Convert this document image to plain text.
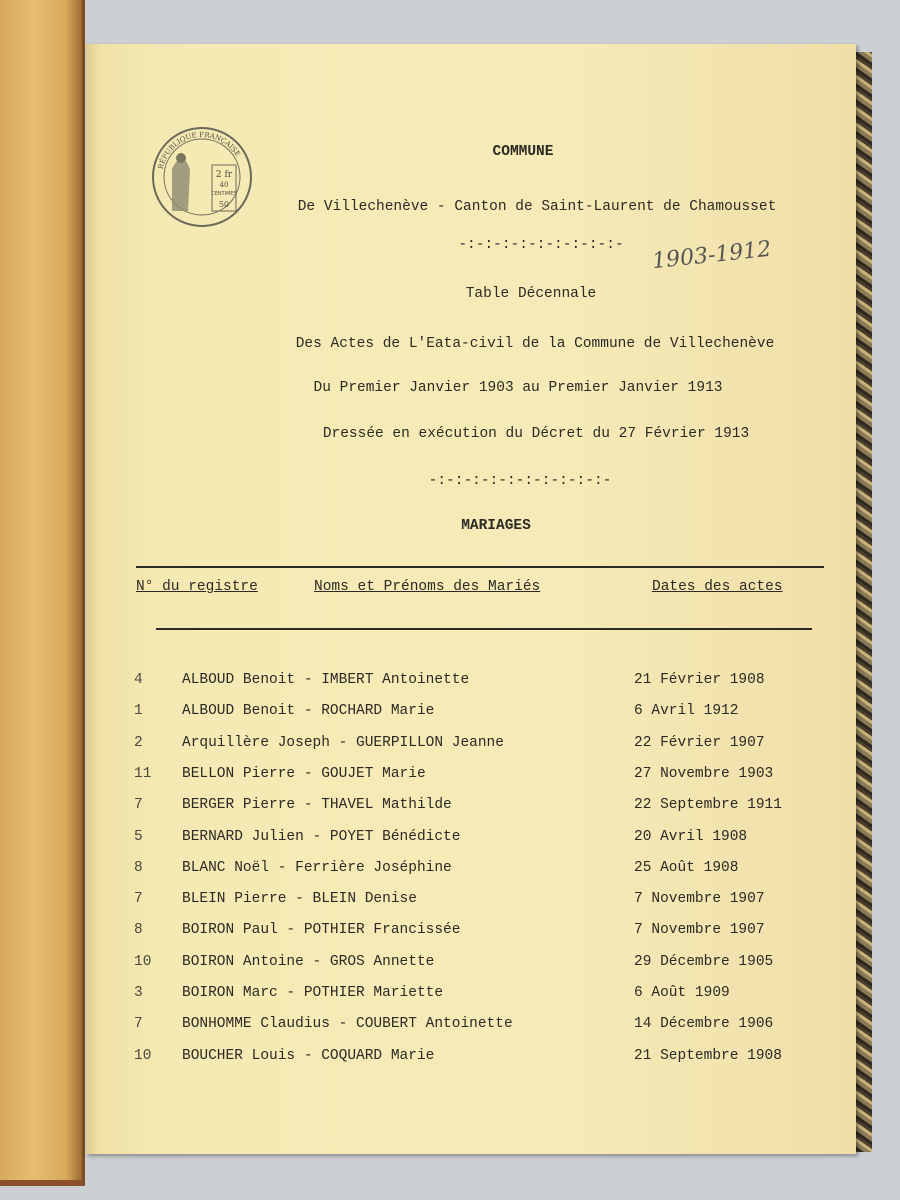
2 fr
40
CENTIMES
50
RÉPUBLIQUE FRANÇAISE	COMMUNE
De Villechenève - Canton de Saint-Laurent de Chamousset
-:-:-:-:-:-:-:-:-:- 1903-1912
Table Décennale
Des Actes de L'Eata-civil de la Commune de Villechenève
Du Premier Janvier 1903 au Premier Janvier 1913
Dressée en exécution du Décret du 27 Février 1913
-:-:-:-:-:-:-:-:-:-:-
MARIAGES
N° du registre	Noms et Prénoms des Mariés	Dates des actes
4	ALBOUD Benoit - IMBERT Antoinette	21 Février 1908
1	ALBOUD Benoit - ROCHARD Marie	6 Avril 1912
2	Arquillère Joseph - GUERPILLON Jeanne	22 Février 1907
11 BELLON Pierre - GOUJET Marie	27 Novembre 1903
7	BERGER Pierre - THAVEL Mathilde	22 Septembre 1911
5	BERNARD Julien - POYET Bénédicte	20 Avril 1908
8	BLANC Noël - Ferrière Joséphine	25 Août 1908
7	BLEIN Pierre - BLEIN Denise	7 Novembre 1907
8	BOIRON Paul - POTHIER Francissée	7 Novembre 1907
10 BOIRON Antoine - GROS Annette	29 Décembre 1905
3	BOIRON Marc - POTHIER Mariette	6 Août 1909
7	BONHOMME Claudius - COUBERT Antoinette	14 Décembre 1906
10 BOUCHER Louis - COQUARD Marie	21 Septembre 1908
